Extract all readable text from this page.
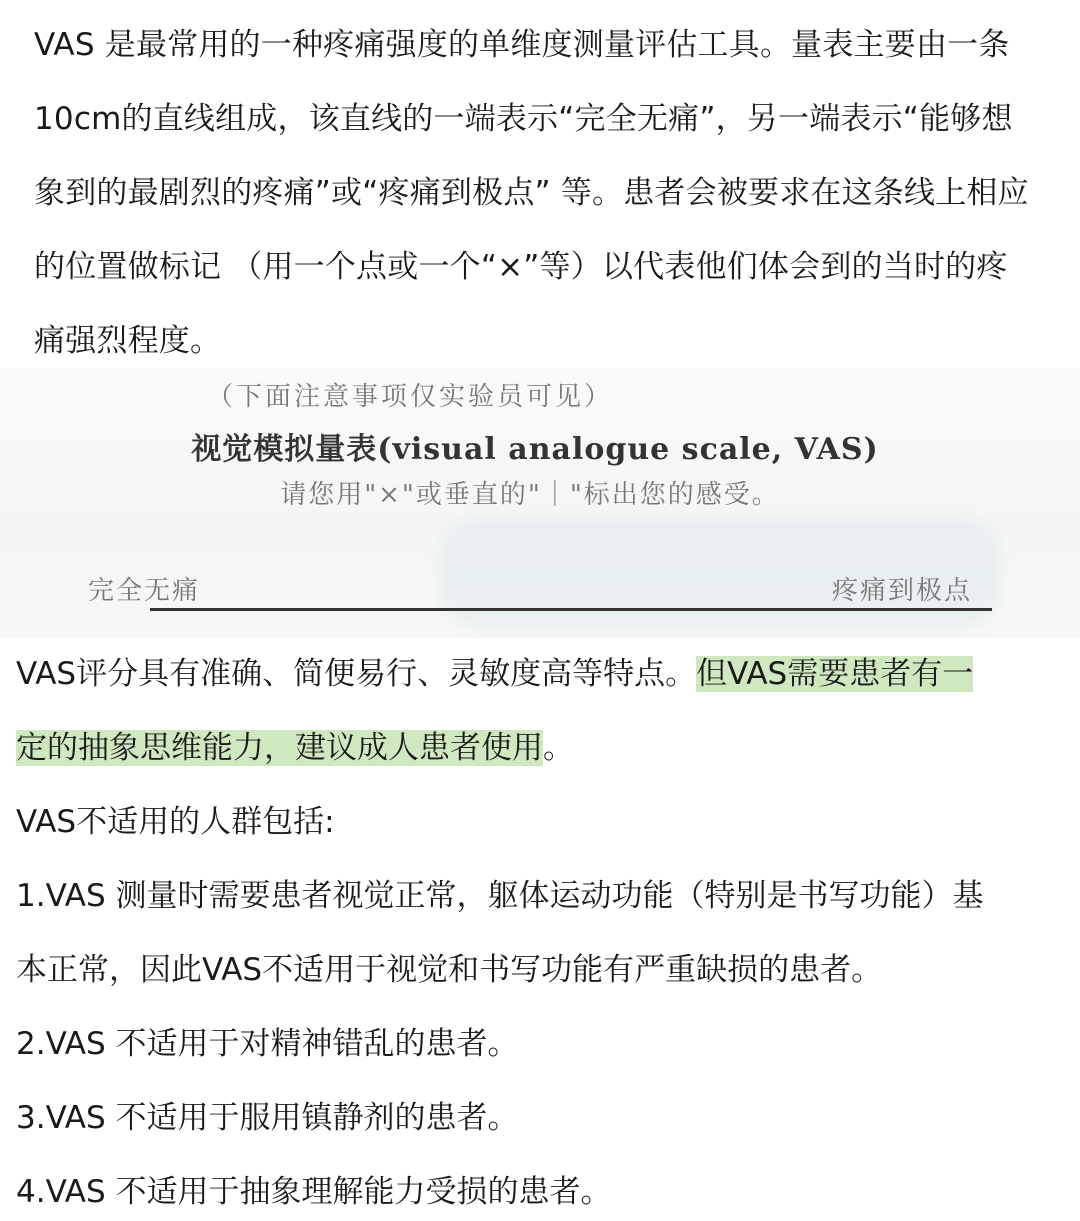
VAS 是最常用的一种疼痛强度的单维度测量评估工具。量表主要由一条10cm的直线组成，该直线的一端表示“完全无痛”，另一端表示“能够想象到的最剧烈的疼痛”或“疼痛到极点” 等。患者会被要求在这条线上相应的位置做标记 （用一个点或一个“×”等）以代表他们体会到的当时的疼痛强烈程度。

（下面注意事项仅实验员可见）
视觉模拟量表(visual analogue scale, VAS)
请您用"×"或垂直的"｜"标出您的感受。
完全无痛	疼痛到极点
VAS评分具有准确、简便易行、灵敏度高等特点。但VAS需要患者有一
定的抽象思维能力，建议成人患者使用。
VAS不适用的人群包括:
1.VAS 测量时需要患者视觉正常，躯体运动功能（特别是书写功能）基
本正常，因此VAS不适用于视觉和书写功能有严重缺损的患者。
2.VAS 不适用于对精神错乱的患者。
3.VAS 不适用于服用镇静剂的患者。
4.VAS 不适用于抽象理解能力受损的患者。
